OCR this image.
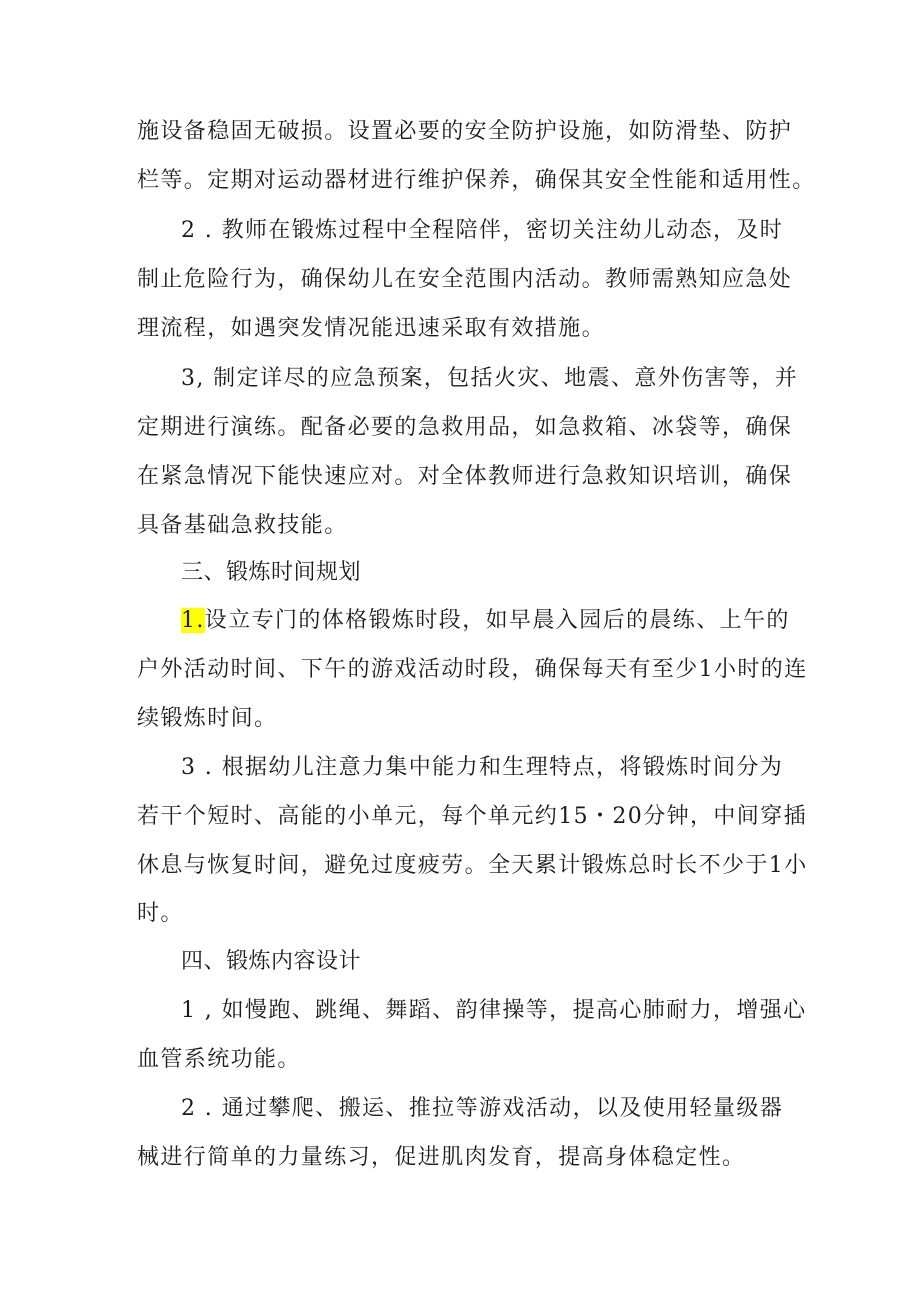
施设备稳固无破损。设置必要的安全防护设施，如防滑垫、防护
栏等。定期对运动器材进行维护保养，确保其安全性能和适用性。
2 . 教师在锻炼过程中全程陪伴，密切关注幼儿动态，及时
制止危险行为，确保幼儿在安全范围内活动。教师需熟知应急处
理流程，如遇突发情况能迅速采取有效措施。
3, 制定详尽的应急预案，包括火灾、地震、意外伤害等，并
定期进行演练。配备必要的急救用品，如急救箱、冰袋等，确保
在紧急情况下能快速应对。对全体教师进行急救知识培训，确保
具备基础急救技能。
三、锻炼时间规划
1.设立专门的体格锻炼时段，如早晨入园后的晨练、上午的
户外活动时间、下午的游戏活动时段，确保每天有至少1小时的连
续锻炼时间。
3 . 根据幼儿注意力集中能力和生理特点，将锻炼时间分为
若干个短时、高能的小单元，每个单元约15・20分钟，中间穿插
休息与恢复时间，避免过度疲劳。全天累计锻炼总时长不少于1小
时。
四、锻炼内容设计
1 , 如慢跑、跳绳、舞蹈、韵律操等，提高心肺耐力，增强心
血管系统功能。
2 . 通过攀爬、搬运、推拉等游戏活动，以及使用轻量级器
械进行简单的力量练习，促进肌肉发育，提高身体稳定性。
